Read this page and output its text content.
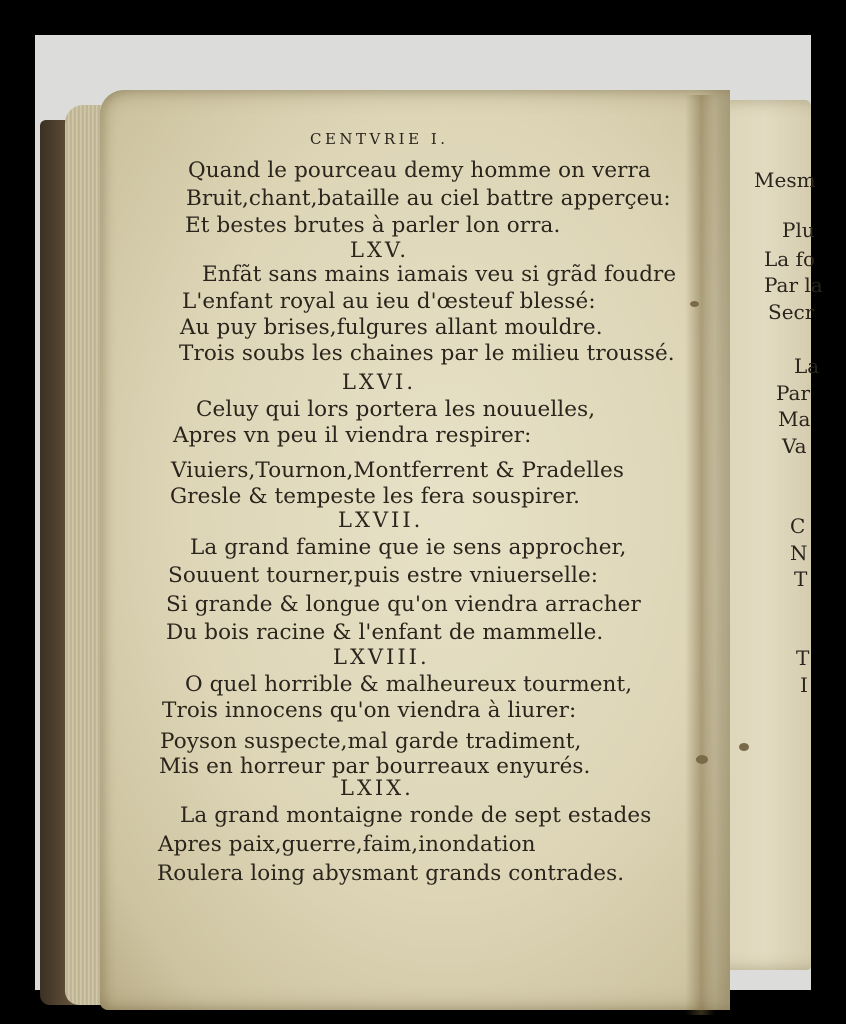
CENTVRIE I.
Quand le pourceau demy homme on verra
Bruit,chant,bataille au ciel battre apperçeu:
Et bestes brutes à parler lon orra.
LXV.
Enfãt sans mains iamais veu si grãd foudre
L'enfant royal au ieu d'œsteuf blessé:
Au puy brises,fulgures allant mouldre.
Trois soubs les chaines par le milieu troussé.
LXVI.
Celuy qui lors portera les nouuelles,
Apres vn peu il viendra respirer:
Viuiers,Tournon,Montferrent & Pradelles
Gresle & tempeste les fera souspirer.
LXVII.
La grand famine que ie sens approcher,
Souuent tourner,puis estre vniuerselle:
Si grande & longue qu'on viendra arracher
Du bois racine & l'enfant de mammelle.
LXVIII.
O quel horrible & malheureux tourment,
Trois innocens qu'on viendra à liurer:
Poyson suspecte,mal garde tradiment,
Mis en horreur par bourreaux enyurés.
LXIX.
La grand montaigne ronde de sept estades
Apres paix,guerre,faim,inondation
Roulera loing abysmant grands contrades.
Mesm
Plu
La fo
Par la
Secr
La
Par
Ma
Va
C
N
T
T
I
